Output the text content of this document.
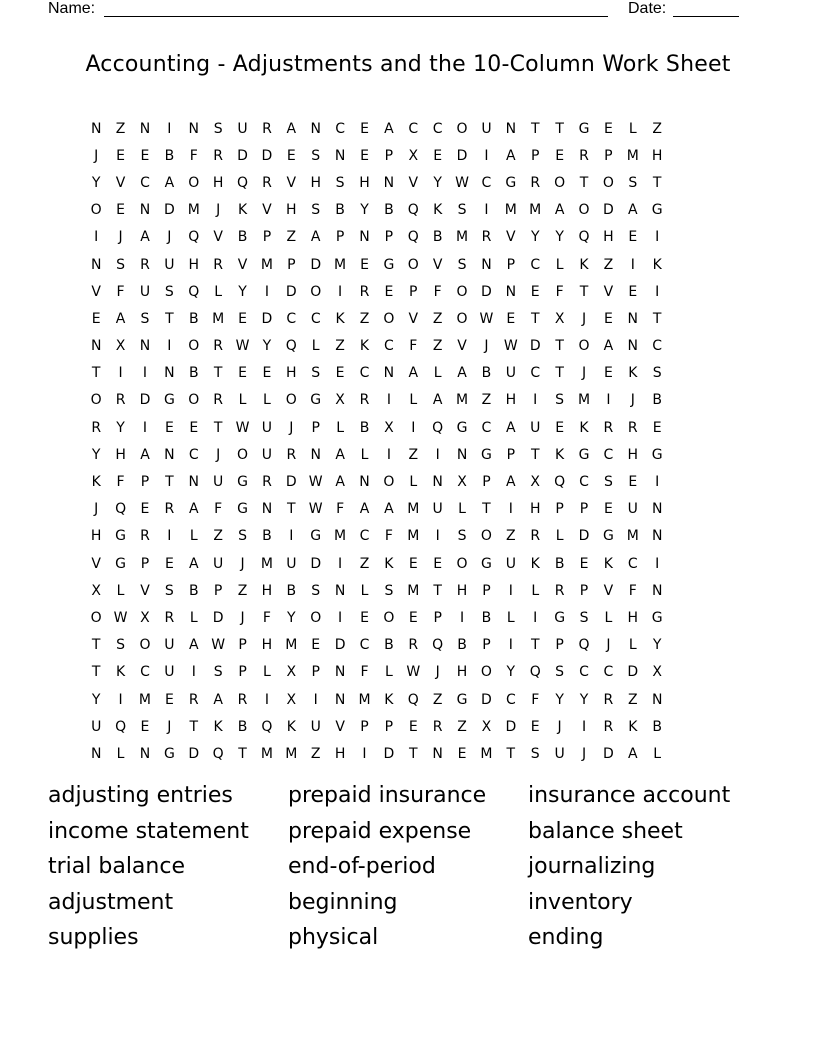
Name:	Date:
Accounting - Adjustments and the 10-Column Work Sheet
N	Z	N	I	N	S	U	R	A	N	C	E	A	C	C O U	N	T	T	G	E	L	Z
J	E	E	B	F	R	D D	E	S	N	E	P	X	E	D	I	A	P	E	R	P	M H
Y	V	C	A	O H Q	R	V	H	S	H N	V	Y W C	G	R	O	T	O	S	T
O	E	N D M	J	K	V	H	S	B	Y	B	Q	K	S	I	M M A	O D	A	G
I	J	A	J	Q	V	B	P	Z	A	P	N	P	Q	B M R	V	Y	Y	Q H	E	I
N	S	R	U	H	R	V M	P	D M E	G O	V	S	N	P	C	L	K	Z	I	K
V	F	U	S	Q	L	Y	I	D O	I	R	E	P	F	O D N	E	F	T	V	E	I
E	A	S	T	B M E	D	C	C	K	Z	O	V	Z	O W E	T	X	J	E	N	T
N	X	N	I	O	R W Y	Q	L	Z	K	C	F	Z	V	J	W D	T	O	A	N	C
T	I	I	N	B	T	E	E	H	S	E	C	N	A	L	A	B	U	C	T	J	E	K	S
O	R	D G O	R	L	L	O G	X	R	I	L	A M Z	H	I	S M	I	J	B
R	Y	I	E	E	T W U	J	P	L	B	X	I	Q G	C	A	U	E	K	R	R	E
Y	H	A	N	C	J	O U	R	N	A	L	I	Z	I	N G	P	T	K	G	C	H G
K	F	P	T	N	U G	R	D W A	N O	L	N	X	P	A	X	Q C	S	E	I
J	Q	E	R	A	F	G N	T W F	A	A M U	L	T	I	H	P	P	E	U	N
H G	R	I	L	Z	S	B	I	G M C	F	M	I	S	O	Z	R	L	D G M N
V	G	P	E	A	U	J	M U D	I	Z	K	E	E	O G U	K	B	E	K	C	I
X	L	V	S	B	P	Z	H	B	S	N	L	S M	T	H	P	I	L	R	P	V	F	N
O W X	R	L	D	J	F	Y	O	I	E	O	E	P	I	B	L	I	G	S	L	H G
T	S	O U	A W P	H M E	D	C	B	R	Q	B	P	I	T	P	Q	J	L	Y
T	K	C	U	I	S	P	L	X	P	N	F	L W	J	H O	Y	Q	S	C	C	D	X
Y	I	M E	R	A	R	I	X	I	N M K	Q	Z	G D	C	F	Y	Y	R	Z	N
U Q	E	J	T	K	B	Q	K	U	V	P	P	E	R	Z	X	D	E	J	I	R	K	B
N	L	N G D Q	T	M M Z	H	I	D	T	N	E M	T	S	U	J	D	A	L
adjusting entries	prepaid insurance	insurance account
income statement	prepaid expense	balance sheet
trial balance	end-of-period	journalizing
adjustment	beginning	inventory
supplies	physical	ending
